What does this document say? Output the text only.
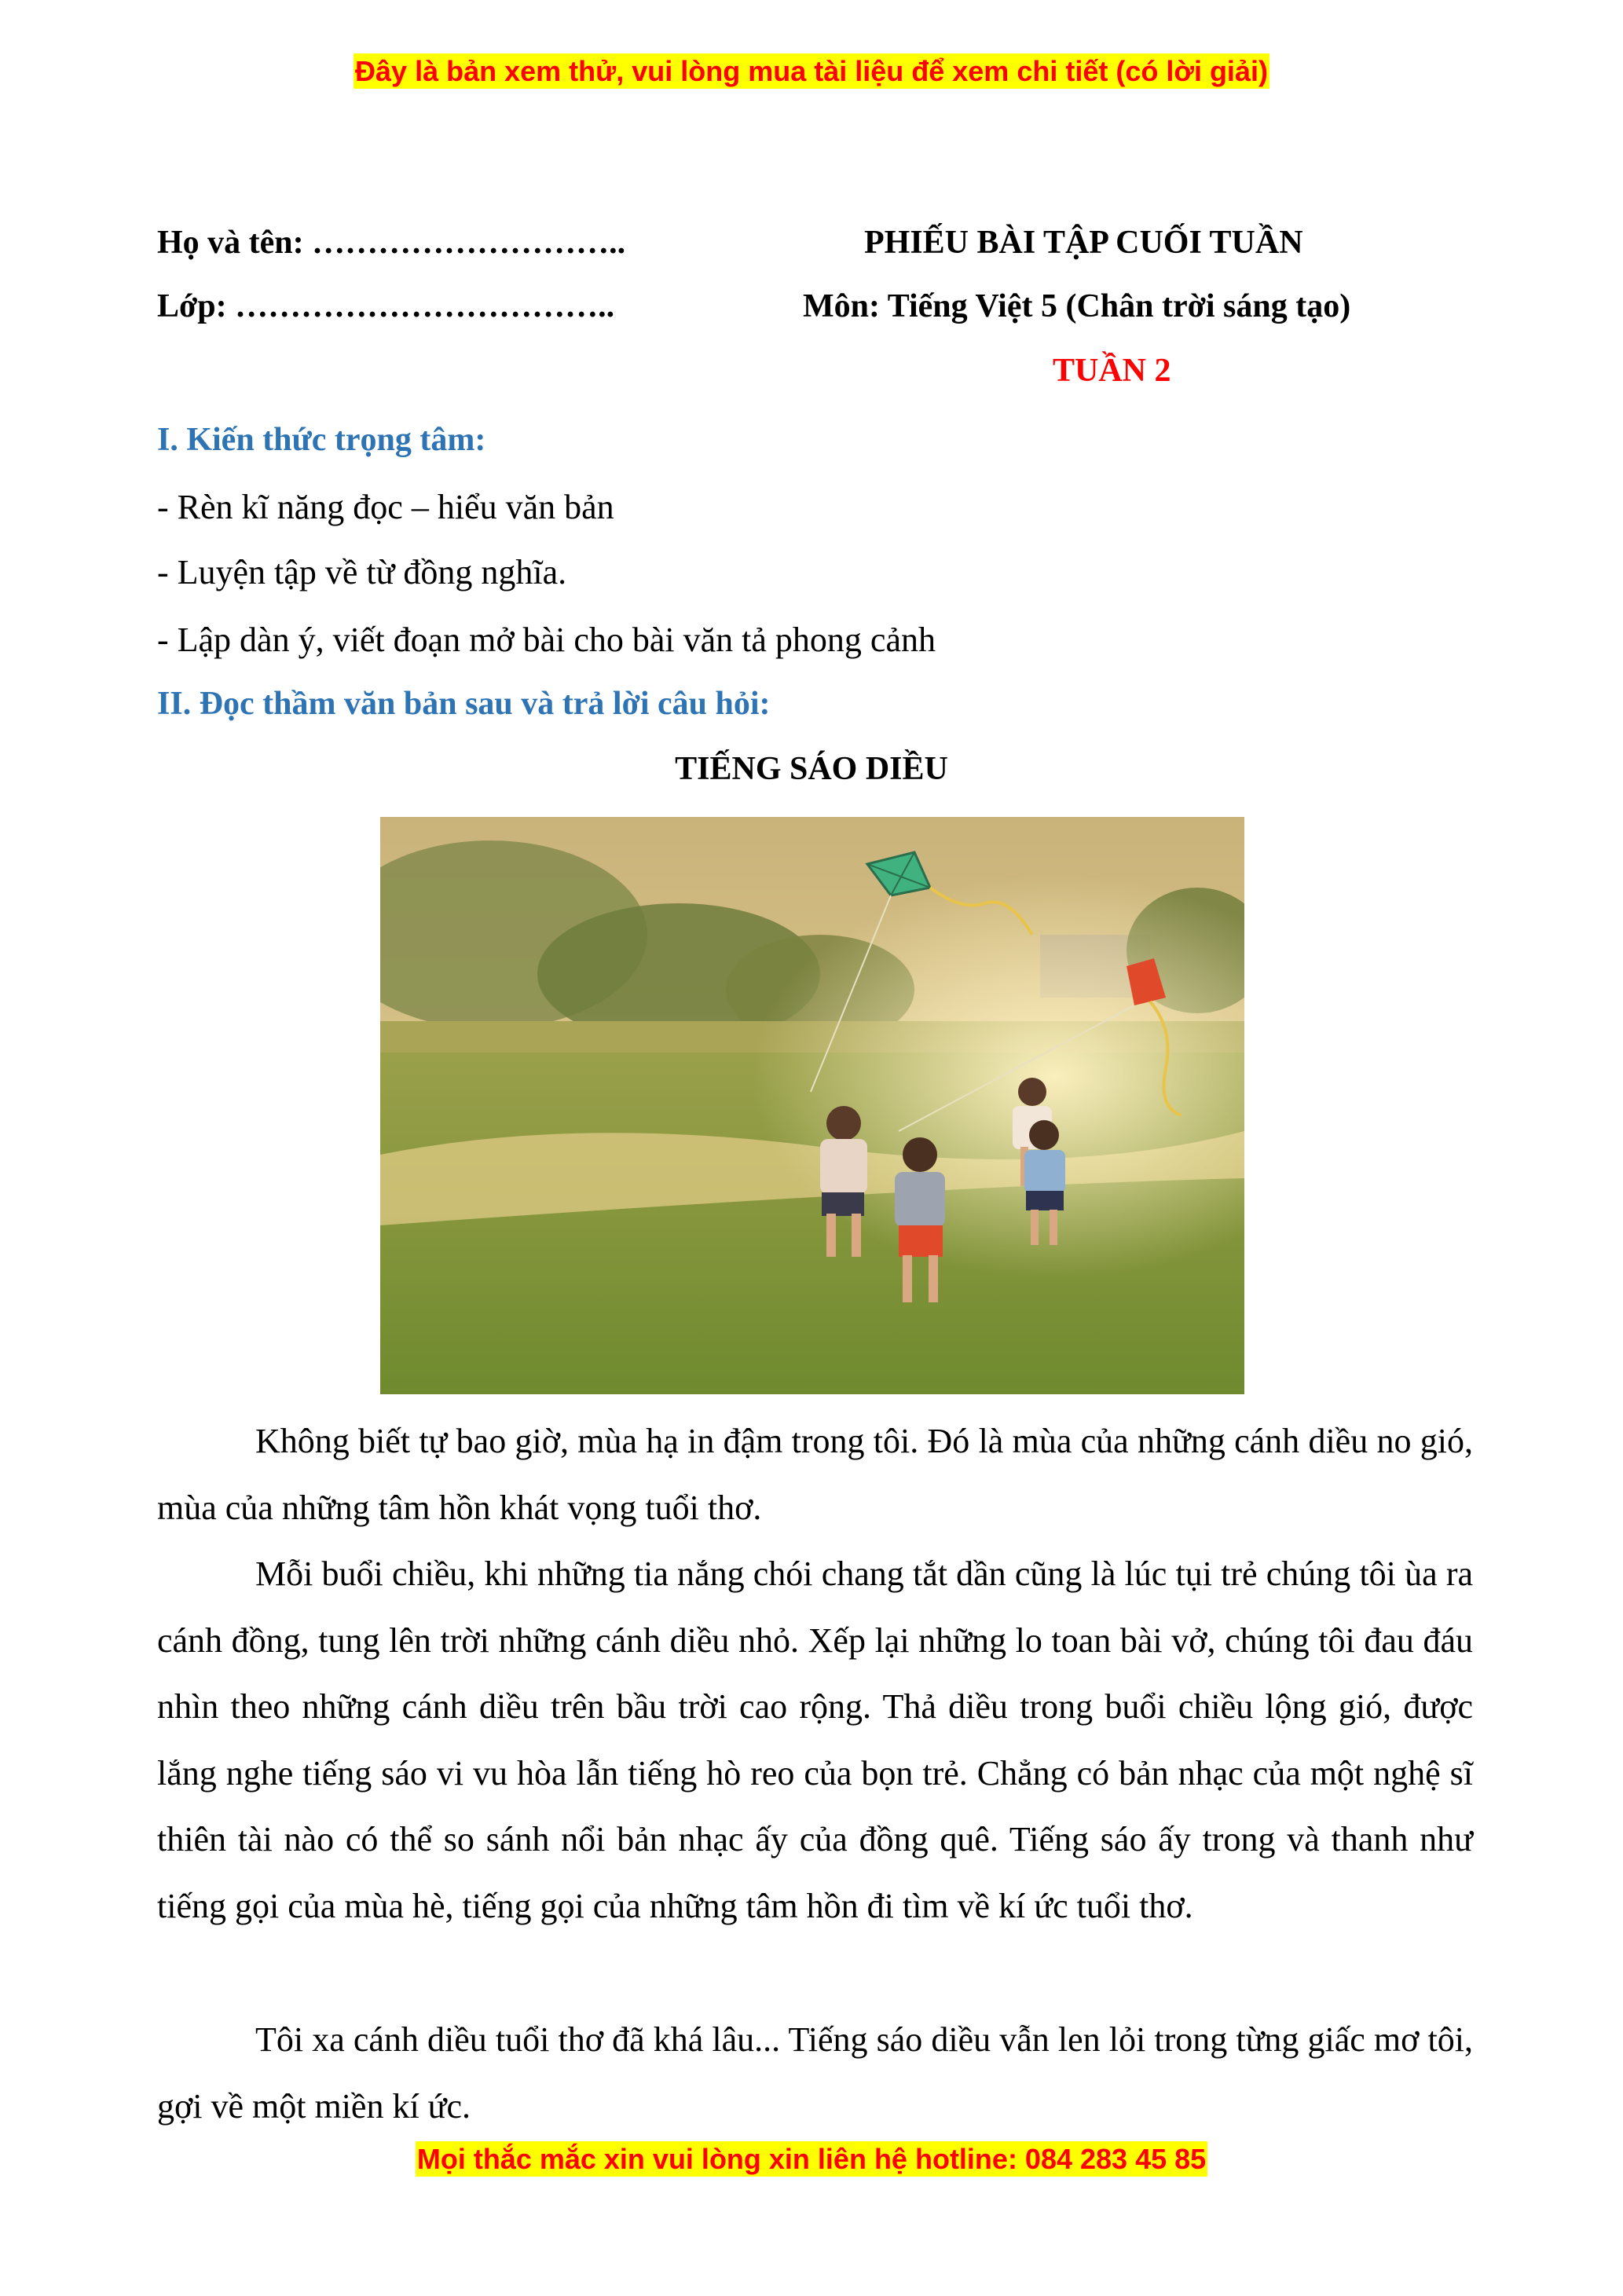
Đây là bản xem thử, vui lòng mua tài liệu để xem chi tiết (có lời giải)
Họ và tên: ………………………..
Lớp: ……………………………..
PHIẾU BÀI TẬP CUỐI TUẦN
Môn: Tiếng Việt 5 (Chân trời sáng tạo)
TUẦN 2
I. Kiến thức trọng tâm:
- Rèn kĩ năng đọc – hiểu văn bản
- Luyện tập về từ đồng nghĩa.
- Lập dàn ý, viết đoạn mở bài cho bài văn tả phong cảnh
II. Đọc thầm văn bản sau và trả lời câu hỏi:
TIẾNG SÁO DIỀU

Không biết tự bao giờ, mùa hạ in đậm trong tôi. Đó là mùa của những cánh diều no gió, mùa của những tâm hồn khát vọng tuổi thơ.

Mỗi buổi chiều, khi những tia nắng chói chang tắt dần cũng là lúc tụi trẻ chúng tôi ùa ra cánh đồng, tung lên trời những cánh diều nhỏ. Xếp lại những lo toan bài vở, chúng tôi đau đáu nhìn theo những cánh diều trên bầu trời cao rộng. Thả diều trong buổi chiều lộng gió, được lắng nghe tiếng sáo vi vu hòa lẫn tiếng hò reo của bọn trẻ. Chẳng có bản nhạc của một nghệ sĩ thiên tài nào có thể so sánh nổi bản nhạc ấy của đồng quê. Tiếng sáo ấy trong và thanh như tiếng gọi của mùa hè, tiếng gọi của những tâm hồn đi tìm về kí ức tuổi thơ.

Tôi xa cánh diều tuổi thơ đã khá lâu... Tiếng sáo diều vẫn len lỏi trong từng giấc mơ tôi, gợi về một miền kí ức.

Mọi thắc mắc xin vui lòng xin liên hệ hotline: 084 283 45 85
